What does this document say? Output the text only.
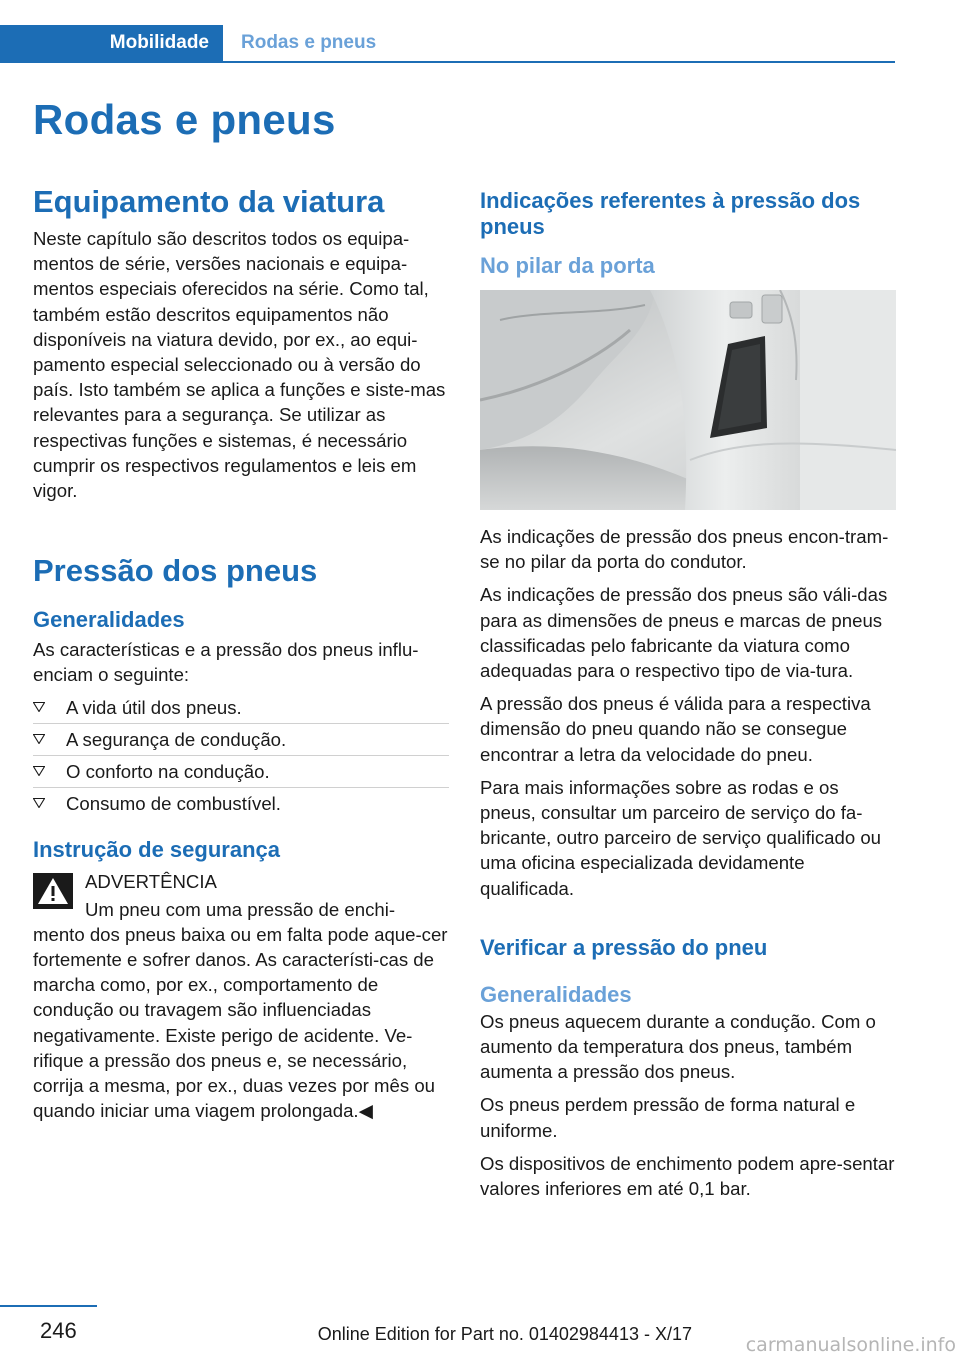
Mobilidade	Rodas e pneus
Rodas e pneus
Equipamento da viatura

Neste capítulo são descritos todos os equipa-mentos de série, versões nacionais e equipa-mentos especiais oferecidos na série. Como tal, também estão descritos equipamentos não disponíveis na viatura devido, por ex., ao equi-pamento especial seleccionado ou à versão do país. Isto também se aplica a funções e siste-mas relevantes para a segurança. Se utilizar as respectivas funções e sistemas, é necessário cumprir os respectivos regulamentos e leis em vigor.

Pressão dos pneus
Generalidades

As características e a pressão dos pneus influ-enciam o seguinte:

A vida útil dos pneus.
A segurança de condução.
O conforto na condução.
Consumo de combustível.
Instrução de segurança
ADVERTÊNCIA

Um pneu com uma pressão de enchi-

mento dos pneus baixa ou em falta pode aque-cer fortemente e sofrer danos. As característi-cas de marcha como, por ex., comportamento de condução ou travagem são influenciadas negativamente. Existe perigo de acidente. Ve-rifique a pressão dos pneus e, se necessário, corrija a mesma, por ex., duas vezes por mês ou quando iniciar uma viagem prolongada.◀

Indicações referentes à pressão dos pneus
No pilar da porta

As indicações de pressão dos pneus encon-tram-se no pilar da porta do condutor.

As indicações de pressão dos pneus são váli-das para as dimensões de pneus e marcas de pneus classificadas pelo fabricante da viatura como adequadas para o respectivo tipo de via-tura.

A pressão dos pneus é válida para a respectiva dimensão do pneu quando não se consegue encontrar a letra da velocidade do pneu.

Para mais informações sobre as rodas e os pneus, consultar um parceiro de serviço do fa-bricante, outro parceiro de serviço qualificado ou uma oficina especializada devidamente qualificada.

Verificar a pressão do pneu
Generalidades

Os pneus aquecem durante a condução. Com o aumento da temperatura dos pneus, também aumenta a pressão dos pneus.

Os pneus perdem pressão de forma natural e uniforme.

Os dispositivos de enchimento podem apre-sentar valores inferiores em até 0,1 bar.

246	Online Edition for Part no. 01402984413 - X/17	carmanualsonline.info
